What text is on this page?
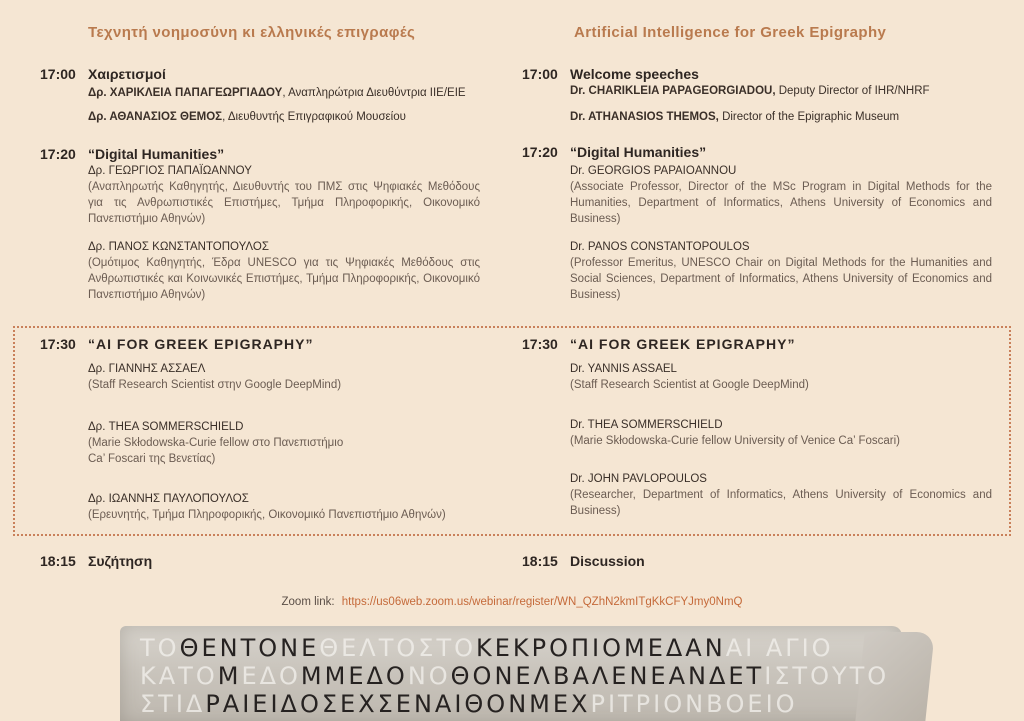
Τεχνητή νοημοσύνη κι ελληνικές επιγραφές
17:00 Χαιρετισμοί
Δρ. ΧΑΡΙΚΛΕΙΑ ΠΑΠΑΓΕΩΡΓΙΑΔΟΥ, Αναπληρώτρια Διευθύντρια ΙΙΕ/ΕΙΕ
Δρ. ΑΘΑΝΑΣΙΟΣ ΘΕΜΟΣ, Διευθυντής Επιγραφικού Μουσείου
17:20 “Digital Humanities”
Δρ. ΓΕΩΡΓΙΟΣ ΠΑΠΑΪΩΑΝΝΟΥ
(Αναπληρωτής Καθηγητής, Διευθυντής του ΠΜΣ στις Ψηφιακές Μεθόδους για τις Ανθρωπιστικές Επιστήμες, Τμήμα Πληροφορικής, Οικονομικό Πανεπιστήμιο Αθηνών)
Δρ. ΠΑΝΟΣ ΚΩΝΣΤΑΝΤΟΠΟΥΛΟΣ
(Ομότιμος Καθηγητής, Έδρα UNESCO για τις Ψηφιακές Μεθόδους στις Ανθρωπιστικές και Κοινωνικές Επιστήμες, Τμήμα Πληροφορικής, Οικονομικό Πανεπιστήμιο Αθηνών)
17:30 “AI FOR GREEK EPIGRAPHY”
Δρ. ΓΙΑΝΝΗΣ ΑΣΣΑΕΛ
(Staff Research Scientist στην Google DeepMind)
Δρ. THEA SOMMERSCHIELD
(Marie Skłodowska-Curie fellow στο Πανεπιστήμιο
Ca’ Foscari της Βενετίας)
Δρ. ΙΩΑΝΝΗΣ ΠΑΥΛΟΠΟΥΛΟΣ
(Ερευνητής, Τμήμα Πληροφορικής, Οικονομικό Πανεπιστήμιο Αθηνών)
18:15 Συζήτηση
Artificial Intelligence for Greek Epigraphy
17:00 Welcome speeches
Dr. CHARIKLEIA PAPAGEORGIADOU, Deputy Director of IHR/NHRF
Dr. ATHANASIOS THEMOS, Director of the Epigraphic Museum
17:20 “Digital Humanities”
Dr. GEORGIOS PAPAIOANNOU
(Associate Professor, Director of the MSc Program in Digital Methods for the Humanities, Department of Informatics, Athens University of Economics and Business)
Dr. PANOS CONSTANTOPOULOS
(Professor Emeritus, UNESCO Chair on Digital Methods for the Humanities and Social Sciences, Department of Informatics, Athens University of Economics and Business)
17:30 “AI FOR GREEK EPIGRAPHY”
Dr. YANNIS ASSAEL
(Staff Research Scientist at Google DeepMind)
Dr. THEA SOMMERSCHIELD
(Marie Skłodowska-Curie fellow University of Venice Ca’ Foscari)
Dr. JOHN PAVLOPOULOS
(Researcher, Department of Informatics, Athens University of Economics and Business)
18:15 Discussion
Zoom link: https://us06web.zoom.us/webinar/register/WN_QZhN2kmITgKkCFYJmy0NmQ
ΤΟΘΕΝΤΟΝΕΘΕΛΤΟΣΤΟΚΕΚΡΟΠΙΟΜΕΔΑΝΑΙ ΑΓΙΟ
ΚΑΤΟΜΕΔΟΜΜΕΔΟΝΟΘΟΝΕΛΒΑΛΕΝΕΑΝΔΕΤΙΣΤΟΥΤΟ
ΣΤΙΔΡΑΙΕΙΔΟΣΕΧΣΕΝΑΙΘΟΝΜΕΧΡΙΤΡΙΟΝΒΟΕΙΟ
